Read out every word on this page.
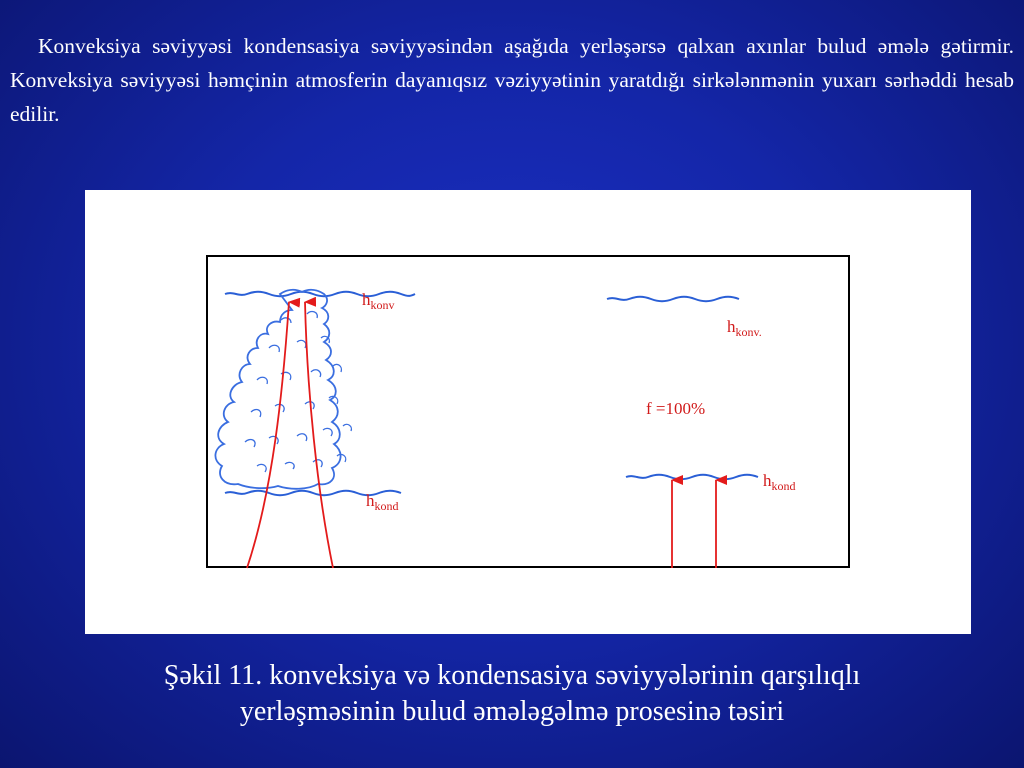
Konveksiya səviyyəsi kondensasiya səviyyəsindən aşağıda yerləşərsə qalxan axınlar bulud əmələ gətirmir. Konveksiya səviyyəsi həmçinin atmosferin dayanıqsız vəziyyətinin yaratdığı sirkələnmənin yuxarı sərhəddi hesab edilir.

$h_{konv}$
$h_{kond}$
$h_{konv.}$
f =100%
$h_{kond}$

Şəkil 11. konveksiya və kondensasiya səviyyələrinin qarşılıqlı
yerləşməsinin bulud əmələgəlmə prosesinə təsiri
